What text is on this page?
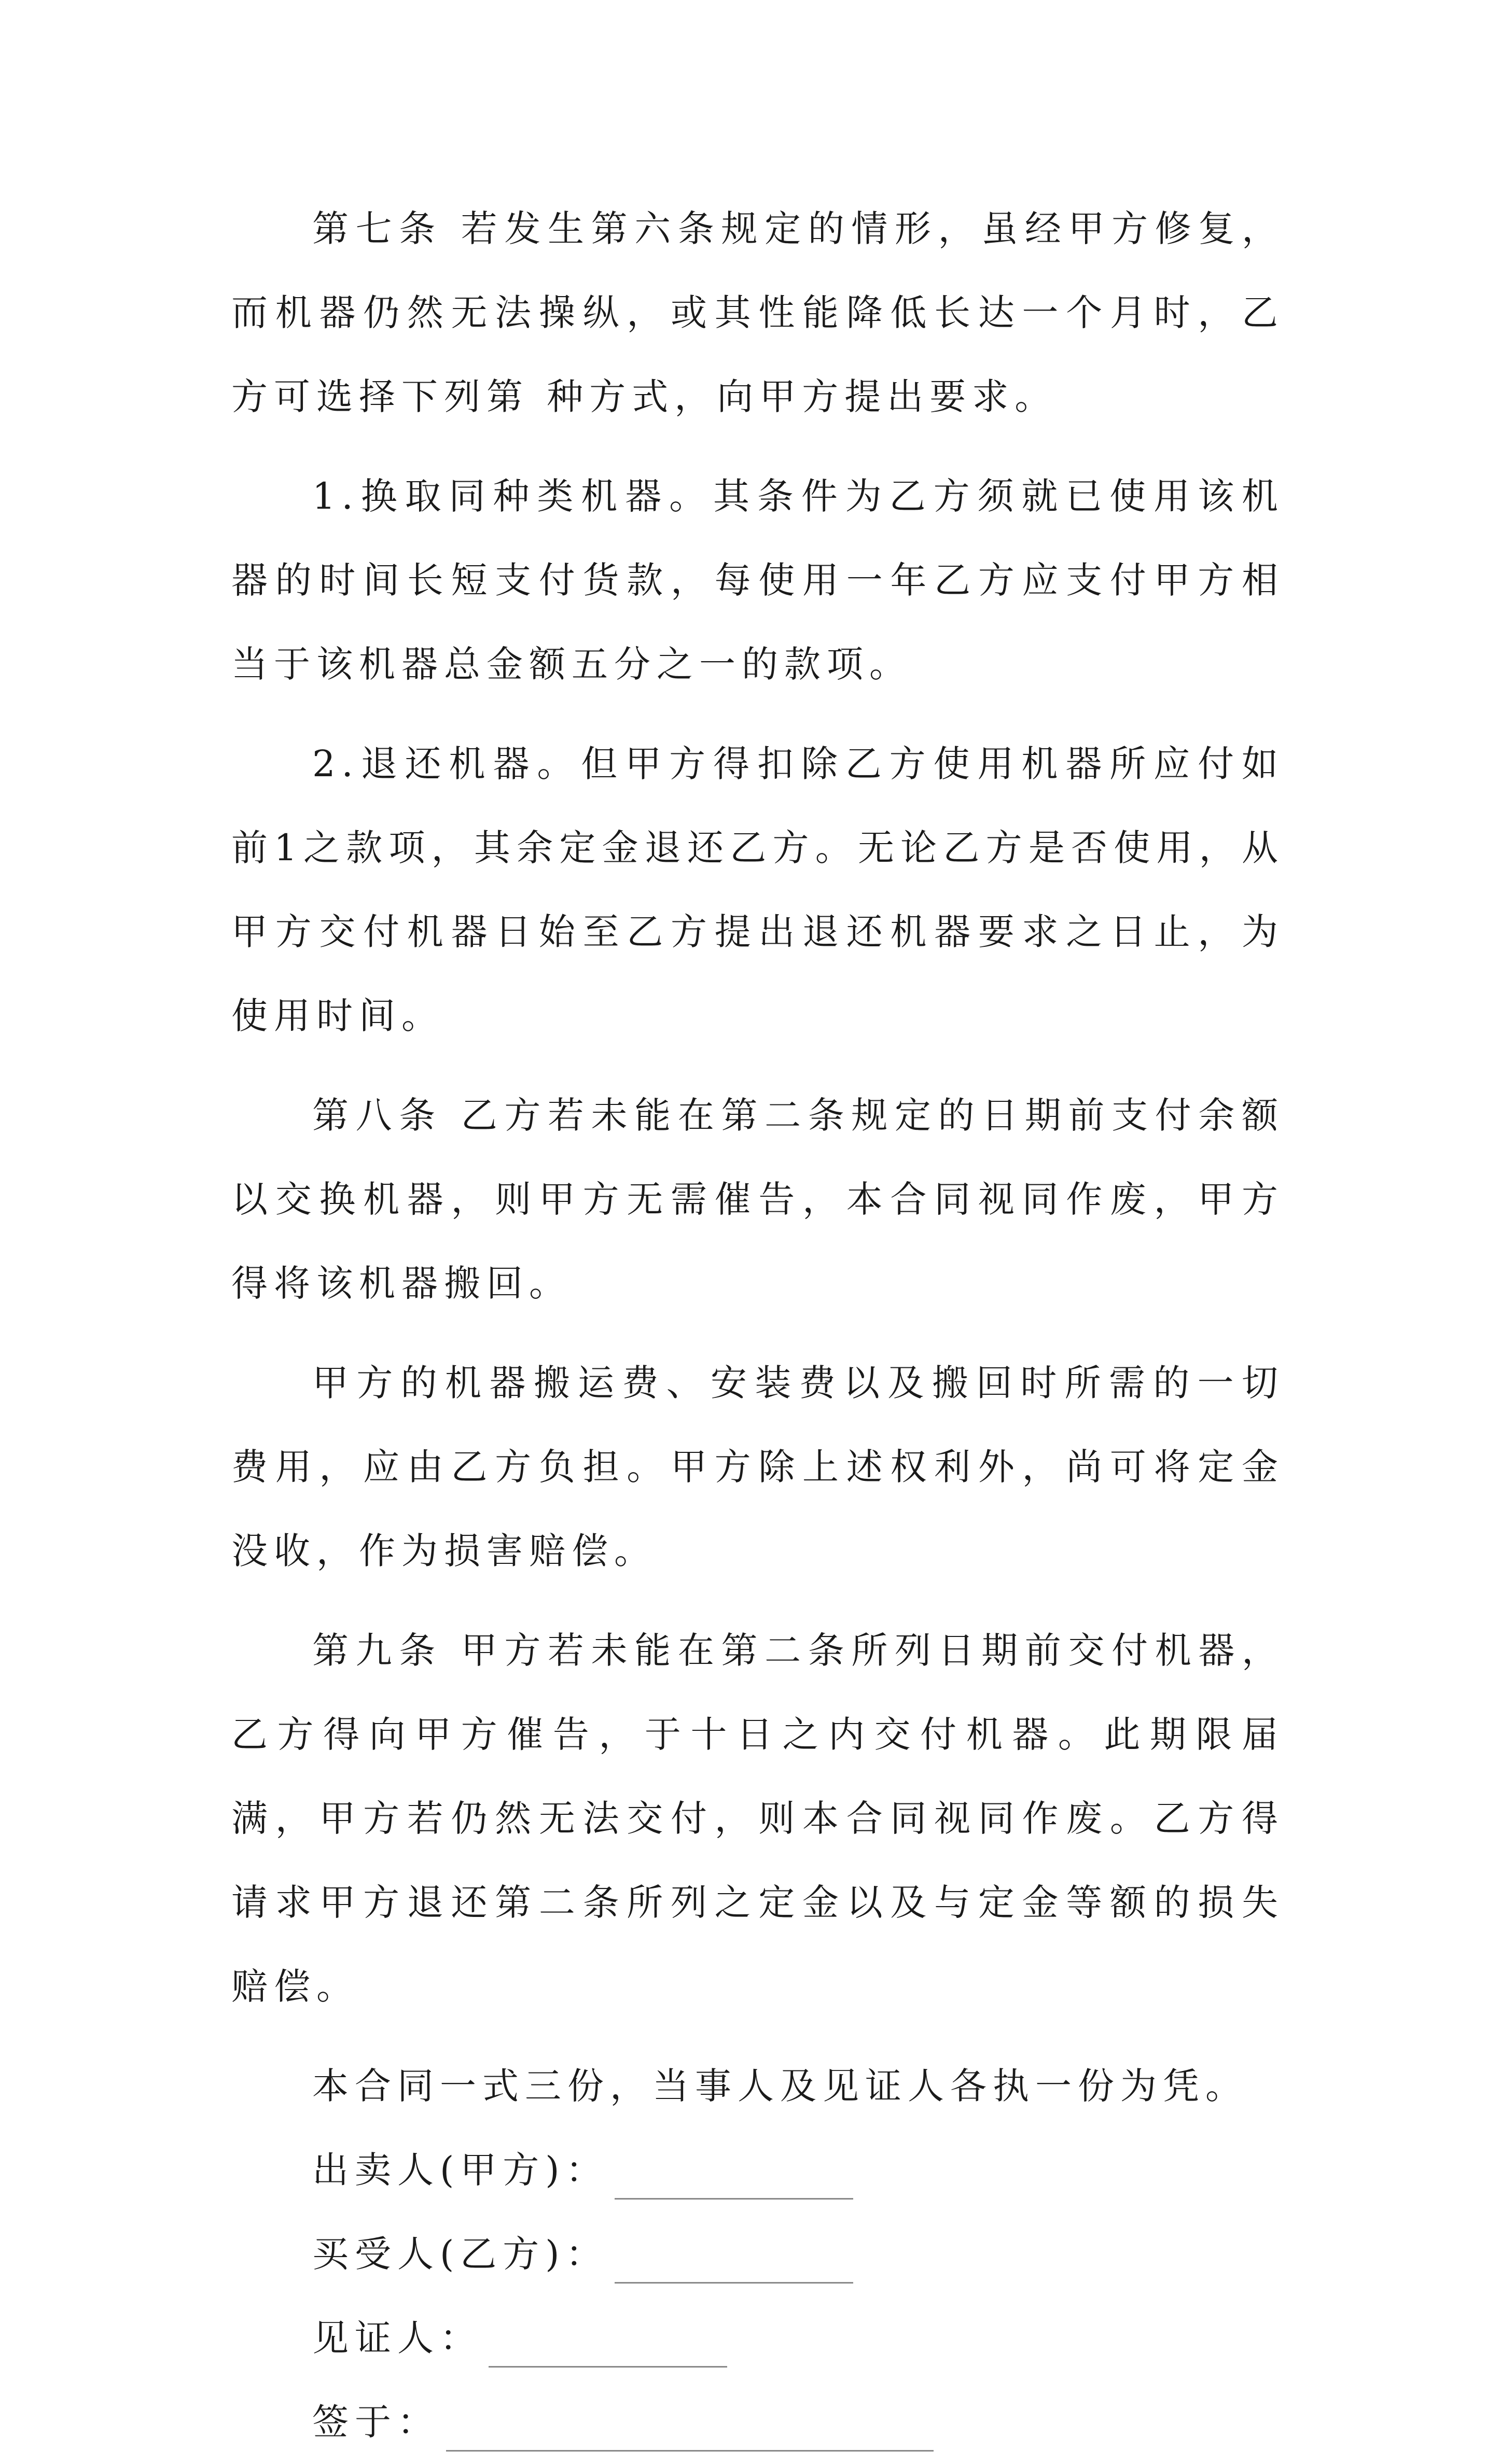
第七条 若发生第六条规定的情形，虽经甲方修复，而机器仍然无法操纵，或其性能降低长达一个月时，乙方可选择下列第 种方式，向甲方提出要求。

1.换取同种类机器。其条件为乙方须就已使用该机器的时间长短支付货款，每使用一年乙方应支付甲方相当于该机器总金额五分之一的款项。

2.退还机器。但甲方得扣除乙方使用机器所应付如前1之款项，其余定金退还乙方。无论乙方是否使用，从甲方交付机器日始至乙方提出退还机器要求之日止，为使用时间。

第八条 乙方若未能在第二条规定的日期前支付余额以交换机器，则甲方无需催告，本合同视同作废，甲方得将该机器搬回。

甲方的机器搬运费、安装费以及搬回时所需的一切费用，应由乙方负担。甲方除上述权利外，尚可将定金没收，作为损害赔偿。

第九条 甲方若未能在第二条所列日期前交付机器，乙方得向甲方催告，于十日之内交付机器。此期限届满，甲方若仍然无法交付，则本合同视同作废。乙方得请求甲方退还第二条所列之定金以及与定金等额的损失赔偿。

本合同一式三份，当事人及见证人各执一份为凭。

出卖人(甲方)：
买受人(乙方)：
见证人：
签于：
